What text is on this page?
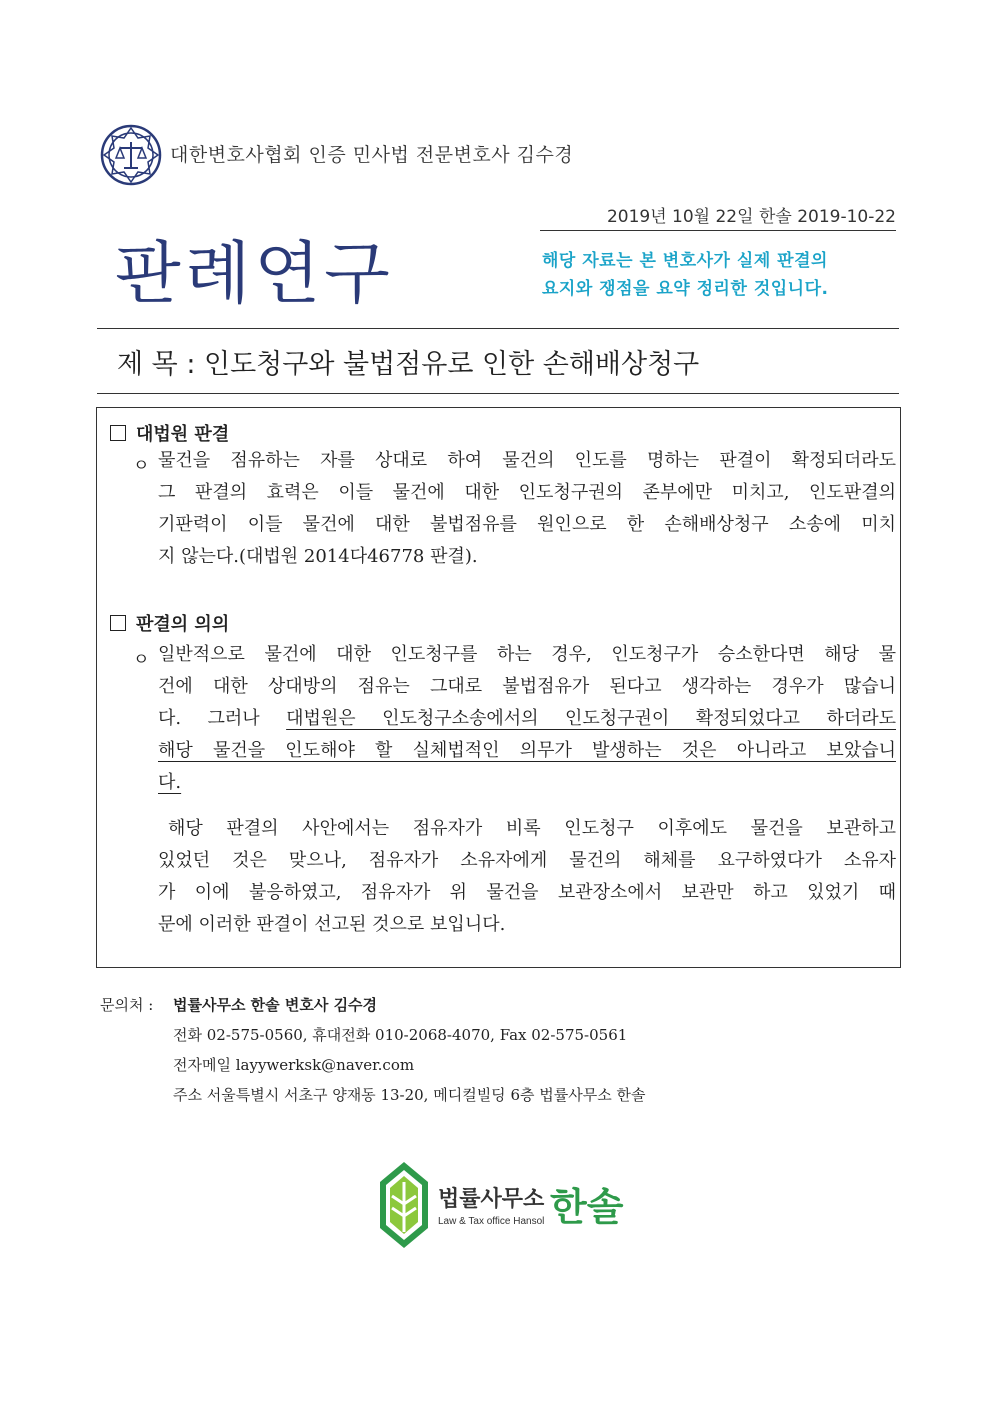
대한변호사협회 인증 민사법 전문변호사 김수경
2019년 10월 22일 한솔 2019-10-22
판례연구	해당 자료는 본 변호사가 실제 판결의
요지와 쟁점을 요약 정리한 것입니다.
제 목 : 인도청구와 불법점유로 인한 손해배상청구
대법원 판결
ㅇ 물건을 점유하는 자를 상대로 하여 물건의 인도를 명하는 판결이 확정되더라도
그 판결의 효력은 이들 물건에 대한 인도청구권의 존부에만 미치고, 인도판결의
기판력이 이들 물건에 대한 불법점유를 원인으로 한 손해배상청구 소송에 미치
지 않는다.(대법원 2014다46778 판결).
판결의 의의
ㅇ 일반적으로 물건에 대한 인도청구를 하는 경우, 인도청구가 승소한다면 해당 물
건에 대한 상대방의 점유는 그대로 불법점유가 된다고 생각하는 경우가 많습니
다. 그러나 대법원은 인도청구소송에서의 인도청구권이 확정되었다고 하더라도
해당 물건을 인도해야 할 실체법적인 의무가 발생하는 것은 아니라고 보았습니
다.
해당 판결의 사안에서는 점유자가 비록 인도청구 이후에도 물건을 보관하고
있었던 것은 맞으나, 점유자가 소유자에게 물건의 해체를 요구하였다가 소유자
가 이에 불응하였고, 점유자가 위 물건을 보관장소에서 보관만 하고 있었기 때
문에 이러한 판결이 선고된 것으로 보입니다.
문의처 : 법률사무소 한솔 변호사 김수경
전화 02-575-0560, 휴대전화 010-2068-4070, Fax 02-575-0561
전자메일 layywerksk@naver.com
주소 서울특별시 서초구 양재동 13-20, 메디컬빌딩 6층 법률사무소 한솔
법률사무소 한솔
Law & Tax office Hansol
